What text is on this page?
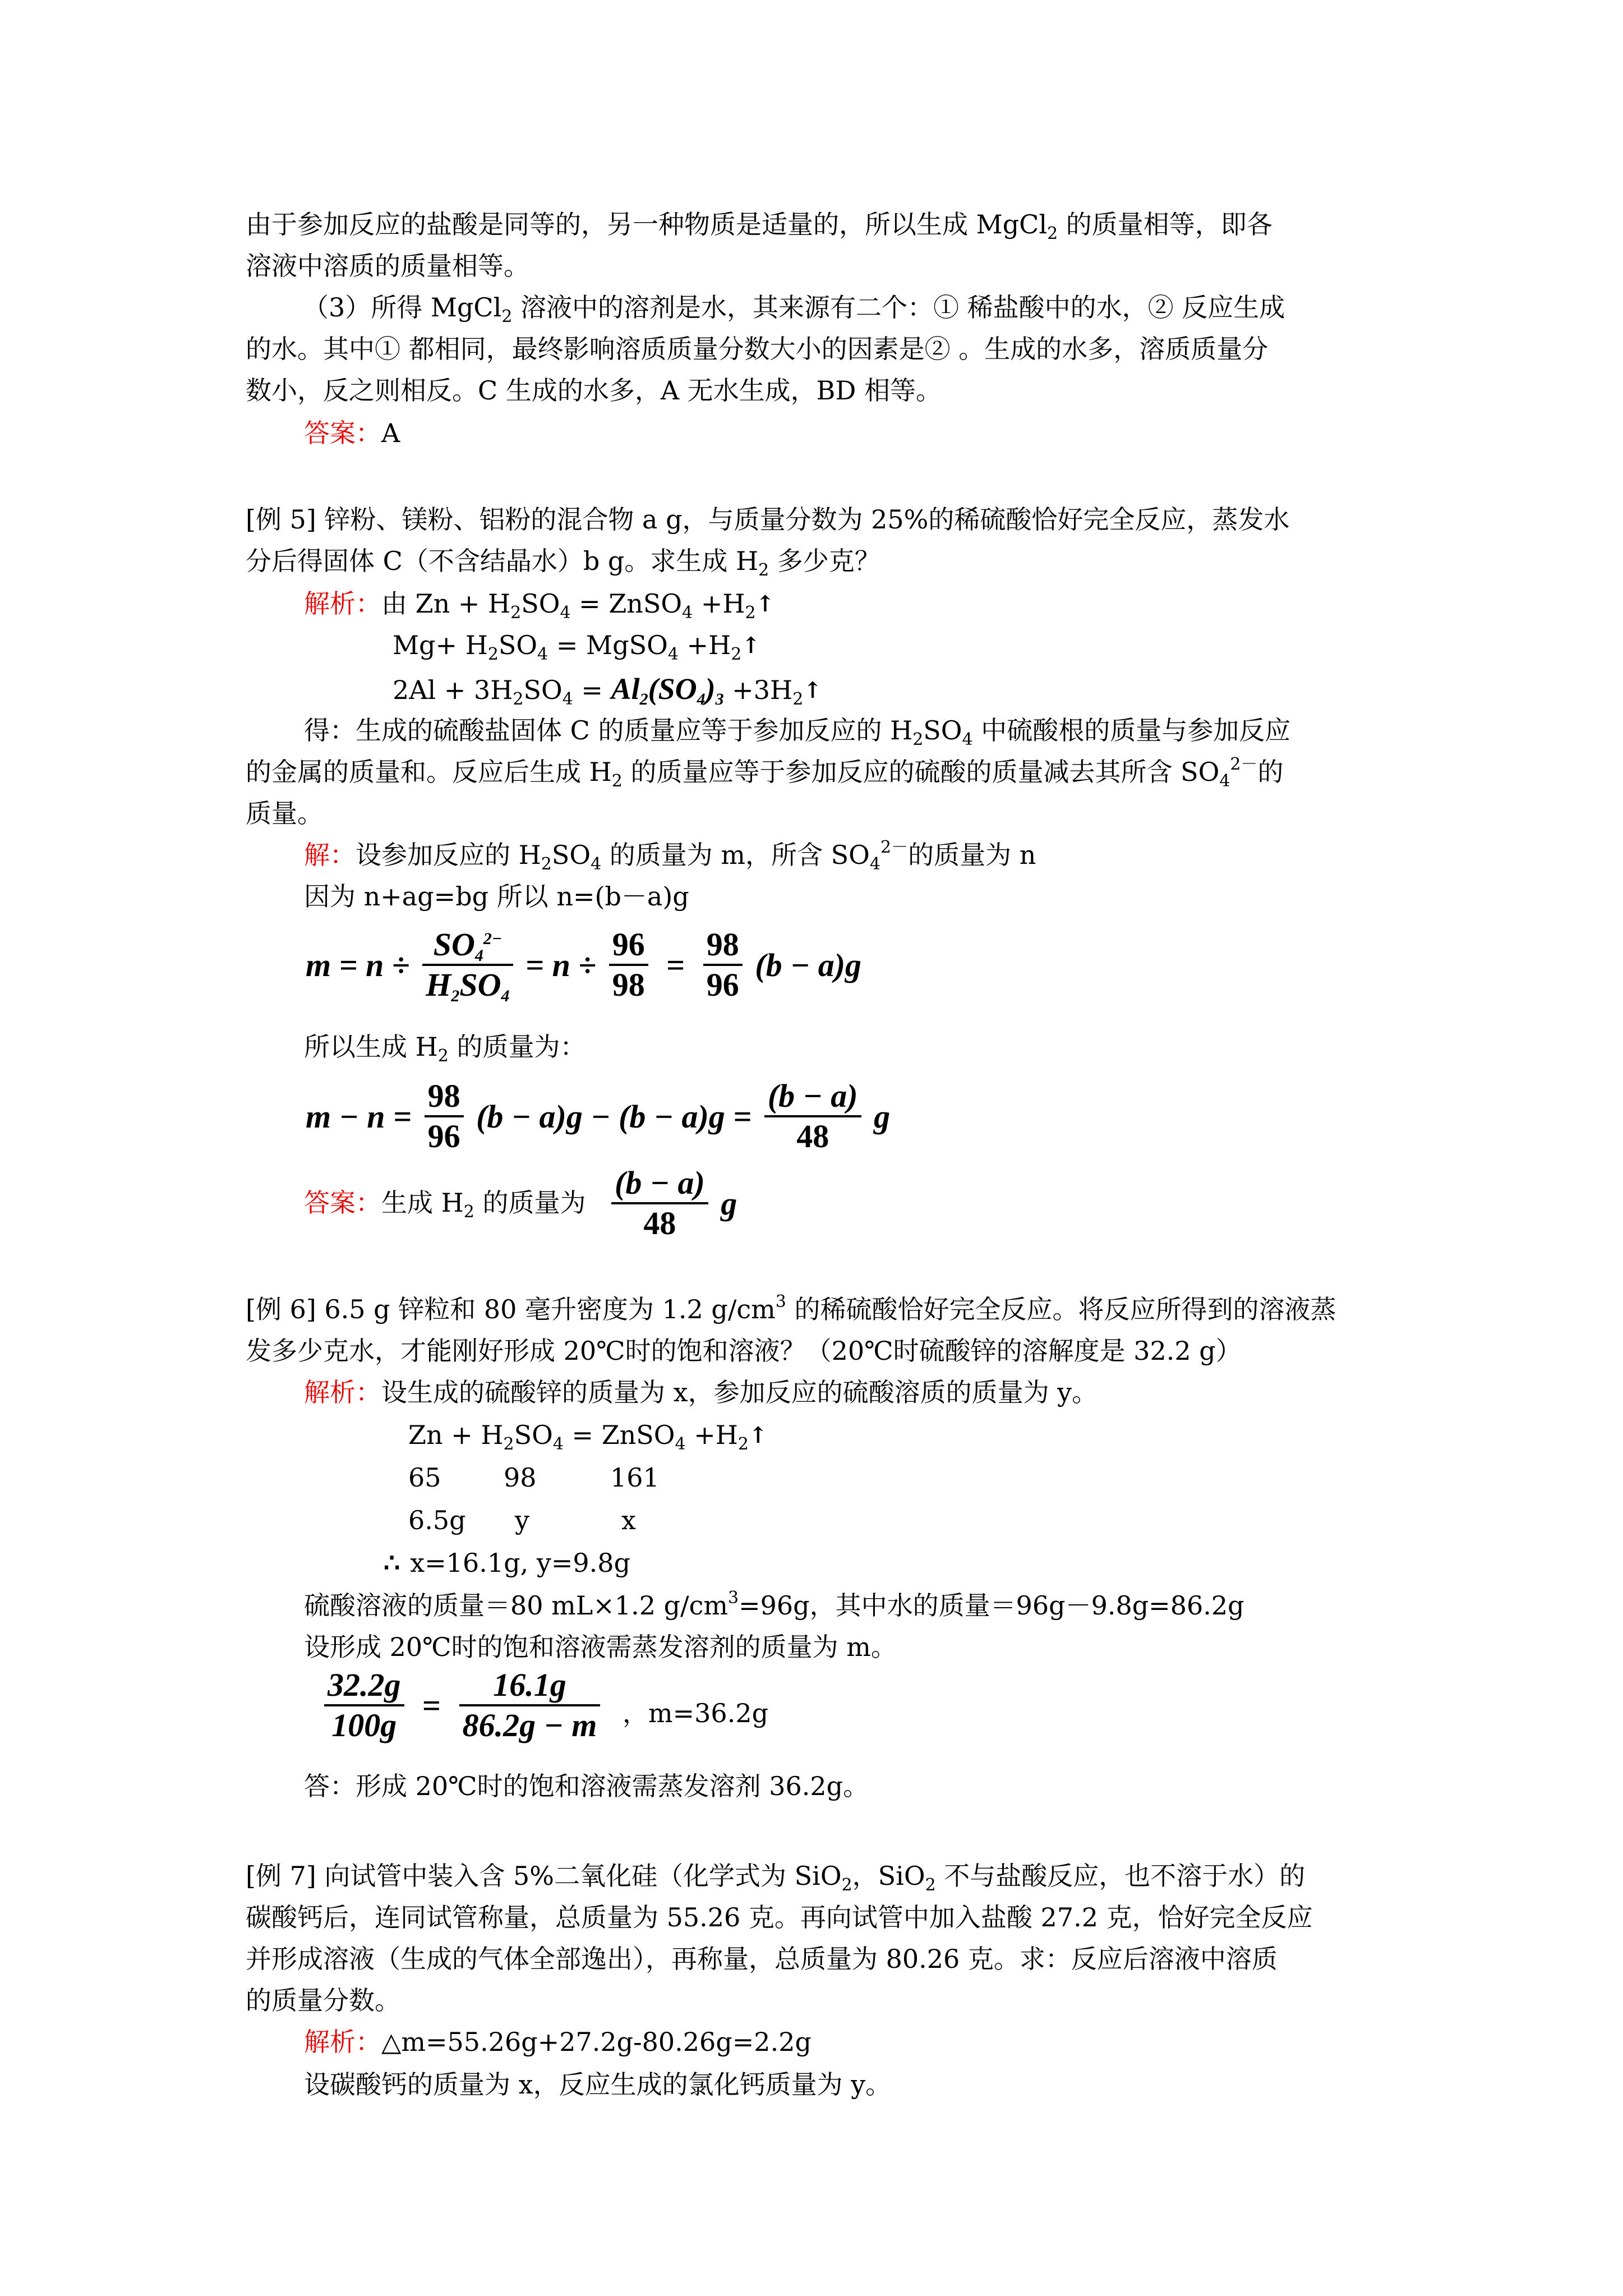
由于参加反应的盐酸是同等的，另一种物质是适量的，所以生成 MgCl$_2$ 的质量相等，即各
溶液中溶质的质量相等。
（3）所得 MgCl$_2$ 溶液中的溶剂是水，其来源有二个：① 稀盐酸中的水，② 反应生成
的水。其中① 都相同，最终影响溶质质量分数大小的因素是② 。生成的水多，溶质质量分
数小，反之则相反。C 生成的水多，A 无水生成，BD 相等。
答案：A
[例 5] 锌粉、镁粉、铝粉的混合物 a g，与质量分数为 25%的稀硫酸恰好完全反应，蒸发水
分后得固体 C（不含结晶水）b g。求生成 $H_2$ 多少克？
解析：由 $Zn + H_2SO_4$ = ZnSO$_4$ $+H_2↑$
$Mg+ H_2SO_4$ = MgSO$_4$ $+H_2↑$
$2Al + 3H_2SO_4 = Al_2(SO_4)_3$ $+3H_2↑$
得：生成的硫酸盐固体 C 的质量应等于参加反应的 $H_2SO_4$ 中硫酸根的质量与参加反应
的金属的质量和。反应后生成 $H_2$ 的质量应等于参加反应的硫酸的质量减去其所含 $SO_4^{2-}$的
质量。
解：设参加反应的 $H_2SO_4$ 的质量为 m，所含 $SO_4^{2-}$的质量为 n
因为 n+ag=bg 所以 n=(b－a)g
$m = n \div \frac{SO_4^{2-}}{H_2SO_4} = n \div \frac{96}{98} = \frac{98}{96} (b - a)g$
所以生成 $H_2$ 的质量为：
$m - n = \frac{98}{96} (b - a)g - (b - a)g = \frac{(b - a)}{48}$ g
答案：生成 $H_2$ 的质量为 $\frac{(b - a)}{48}$ g
[例 6] 6.5 g 锌粒和 80 毫升密度为 1.2 $g/cm^3$ 的稀硫酸恰好完全反应。将反应所得到的溶液蒸
发多少克水，才能刚好形成 20℃时的饱和溶液？（20℃时硫酸锌的溶解度是 32.2 g）
解析：设生成的硫酸锌的质量为 x，参加反应的硫酸溶质的质量为 y。
$Zn + H_2SO_4$ = ZnSO$_4$ $+H_2↑$
65 98	161
6.5g y	x
∴ x=16.1g, y=9.8g
硫酸溶液的质量＝80 mL×1.2 $g/cm^3=96g$，其中水的质量＝96g－9.8g=86.2g
设形成 20℃时的饱和溶液需蒸发溶剂的质量为 m。
$\frac{32.2g}{100g} = \frac{16.1g}{86.2g - m}$ ，m=36.2g
答：形成 20℃时的饱和溶液需蒸发溶剂 36.2g。
[例 7] 向试管中装入含 5%二氧化硅（化学式为 SiO$_2$，SiO$_2$ 不与盐酸反应，也不溶于水）的
碳酸钙后，连同试管称量，总质量为 55.26 克。再向试管中加入盐酸 27.2 克，恰好完全反应
并形成溶液（生成的气体全部逸出），再称量，总质量为 80.26 克。求：反应后溶液中溶质
的质量分数。
解析：△m=55.26g+27.2g-80.26g=2.2g
设碳酸钙的质量为 x，反应生成的氯化钙质量为 y。
